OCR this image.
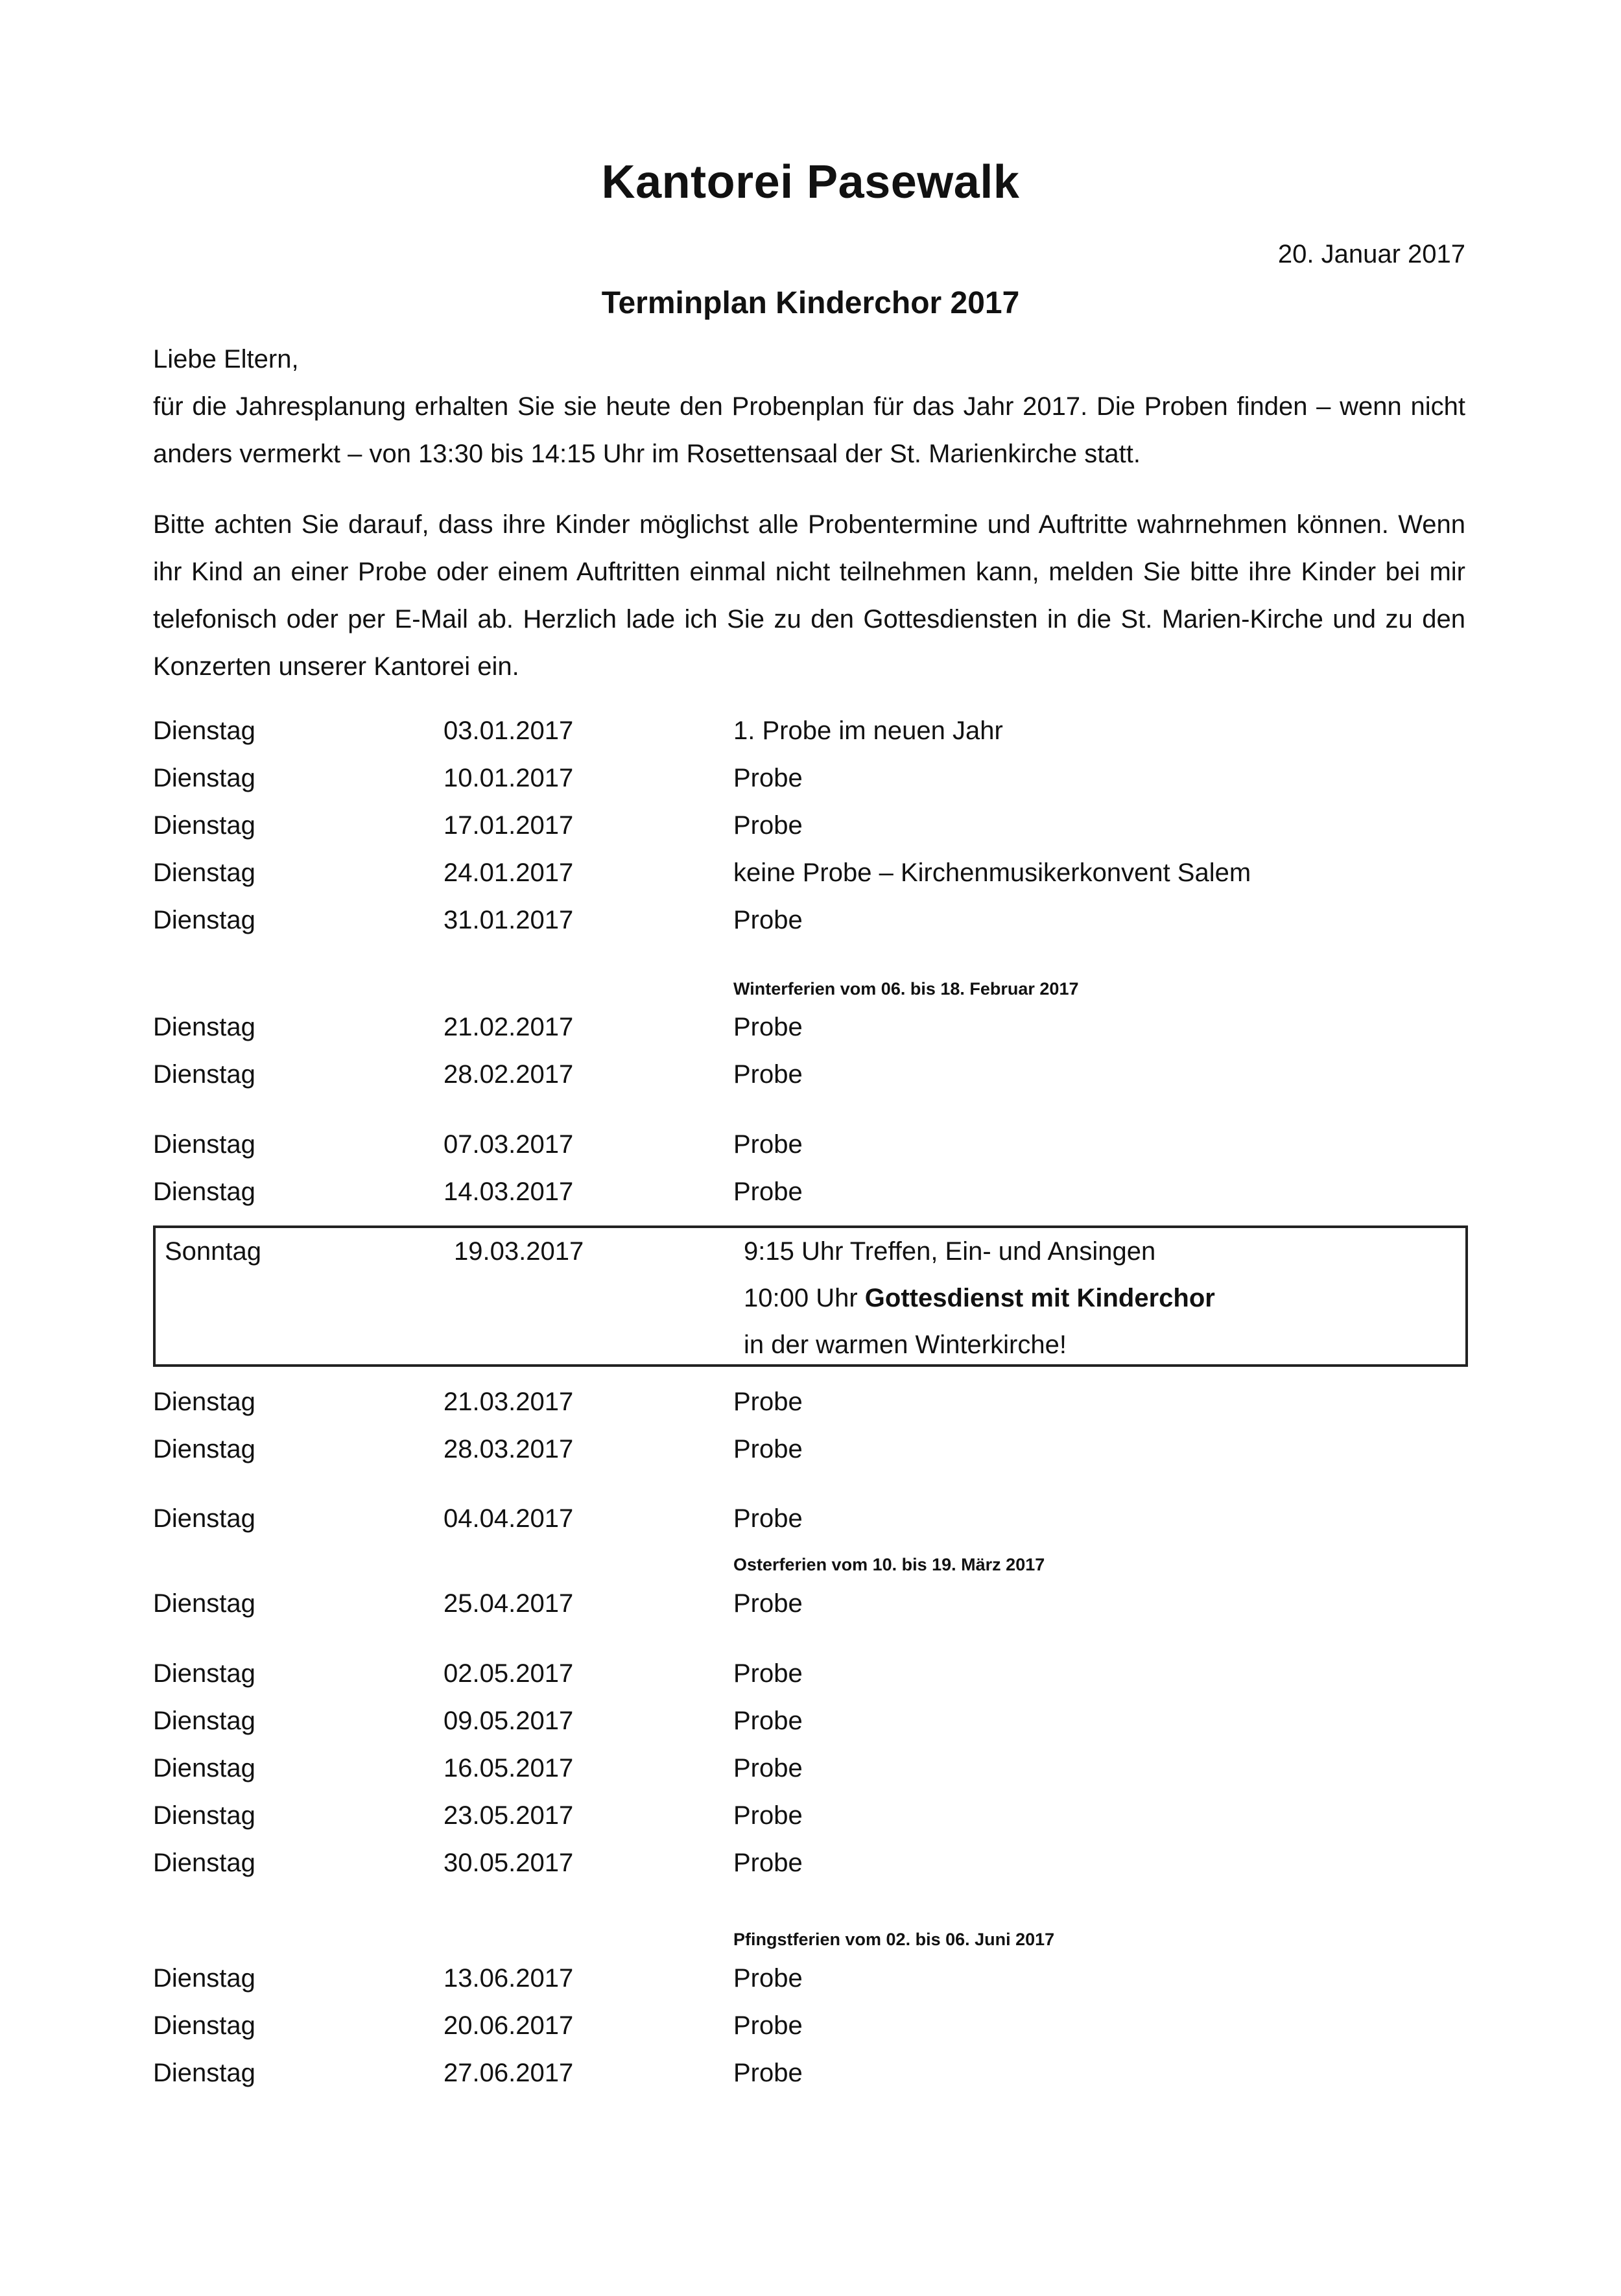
Kantorei Pasewalk
20. Januar 2017
Terminplan Kinderchor 2017
Liebe Eltern,
für die Jahresplanung erhalten Sie sie heute den Probenplan für das Jahr 2017. Die Proben finden – wenn nicht anders vermerkt – von 13:30 bis 14:15 Uhr im Rosettensaal der St. Marienkirche statt.
Bitte achten Sie darauf, dass ihre Kinder möglichst alle Probentermine und Auftritte wahrnehmen können. Wenn ihr Kind an einer Probe oder einem Auftritten einmal nicht teilnehmen kann, melden Sie bitte ihre Kinder bei mir telefonisch oder per E-Mail ab. Herzlich lade ich Sie zu den Gottesdiensten in die St. Marien-Kirche und zu den Konzerten unserer Kantorei ein.
Dienstag	03.01.2017	1. Probe im neuen Jahr
Dienstag	10.01.2017	Probe
Dienstag	17.01.2017	Probe
Dienstag	24.01.2017	keine Probe – Kirchenmusikerkonvent Salem
Dienstag	31.01.2017	Probe
Winterferien vom 06. bis 18. Februar 2017
Dienstag	21.02.2017	Probe
Dienstag	28.02.2017	Probe
Dienstag	07.03.2017	Probe
Dienstag	14.03.2017	Probe
Sonntag	19.03.2017	9:15 Uhr Treffen, Ein- und Ansingen
10:00 Uhr Gottesdienst mit Kinderchor
in der warmen Winterkirche!
Dienstag	21.03.2017	Probe
Dienstag	28.03.2017	Probe
Dienstag	04.04.2017	Probe
Osterferien vom 10. bis 19. März 2017
Dienstag	25.04.2017	Probe
Dienstag	02.05.2017	Probe
Dienstag	09.05.2017	Probe
Dienstag	16.05.2017	Probe
Dienstag	23.05.2017	Probe
Dienstag	30.05.2017	Probe
Pfingstferien vom 02. bis 06. Juni 2017
Dienstag	13.06.2017	Probe
Dienstag	20.06.2017	Probe
Dienstag	27.06.2017	Probe
